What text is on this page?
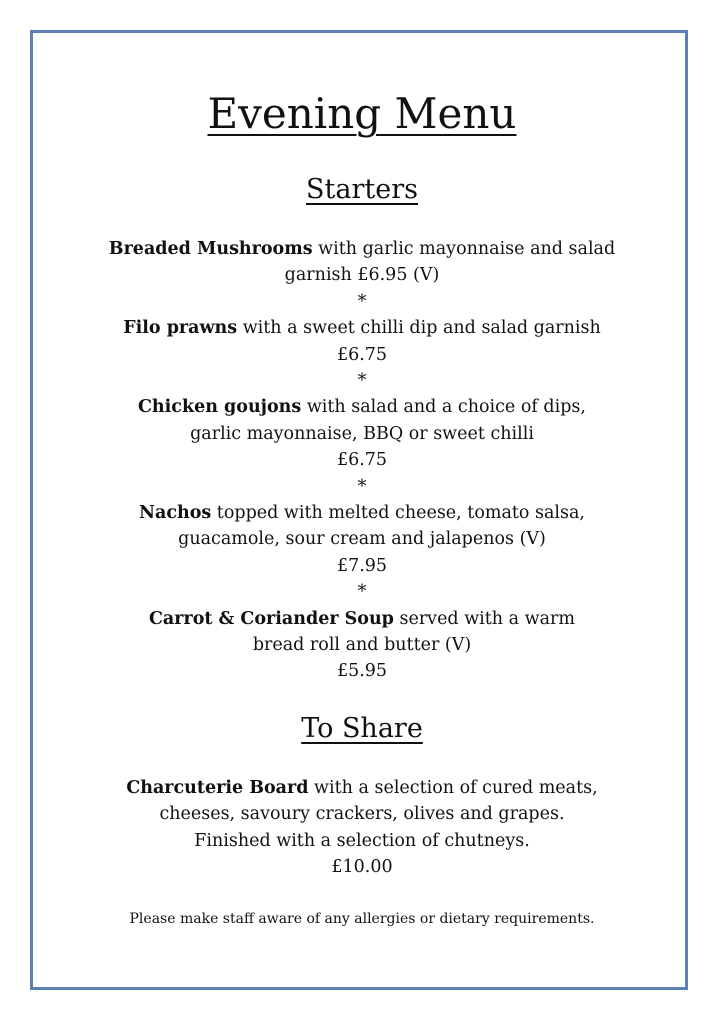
Evening Menu
Starters

Breaded Mushrooms with garlic mayonnaise and salad
garnish £6.95 (V)

*

Filo prawns with a sweet chilli dip and salad garnish
£6.75

*

Chicken goujons with salad and a choice of dips,
garlic mayonnaise, BBQ or sweet chilli
£6.75

*

Nachos topped with melted cheese, tomato salsa,
guacamole, sour cream and jalapenos (V)
£7.95

*

Carrot & Coriander Soup served with a warm
bread roll and butter (V)
£5.95

To Share

Charcuterie Board with a selection of cured meats,
cheeses, savoury crackers, olives and grapes.
Finished with a selection of chutneys.
£10.00

Please make staff aware of any allergies or dietary requirements.
